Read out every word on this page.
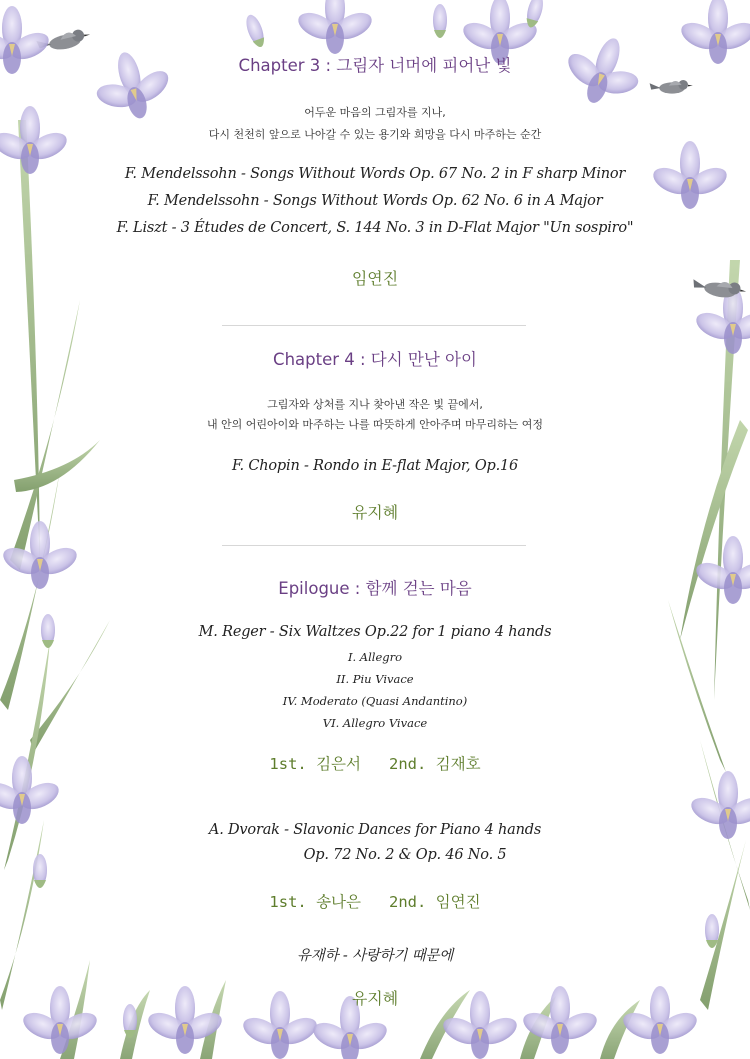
Chapter 3 : 그림자 너머에 피어난 빛
어두운 마음의 그림자를 지나,
다시 천천히 앞으로 나아갈 수 있는 용기와 희망을 다시 마주하는 순간
F. Mendelssohn - Songs Without Words Op. 67 No. 2 in F sharp Minor
F. Mendelssohn - Songs Without Words Op. 62 No. 6 in A Major
F. Liszt - 3 Études de Concert, S. 144 No. 3 in D-Flat Major "Un sospiro"
임연진
Chapter 4 : 다시 만난 아이
그림자와 상처를 지나 찾아낸 작은 빛 끝에서,
내 안의 어린아이와 마주하는 나를 따뜻하게 안아주며 마무리하는 여정
F. Chopin - Rondo in E-flat Major, Op.16
유지혜
Epilogue : 함께 걷는 마음
M. Reger - Six Waltzes Op.22 for 1 piano 4 hands
I. Allegro
II. Piu Vivace
IV. Moderato (Quasi Andantino)
VI. Allegro Vivace
1st. 김은서   2nd. 김재호
A. Dvorak - Slavonic Dances for Piano 4 hands
Op. 72 No. 2 & Op. 46 No. 5
1st. 송나은   2nd. 임연진
유재하 - 사랑하기 때문에
유지혜
